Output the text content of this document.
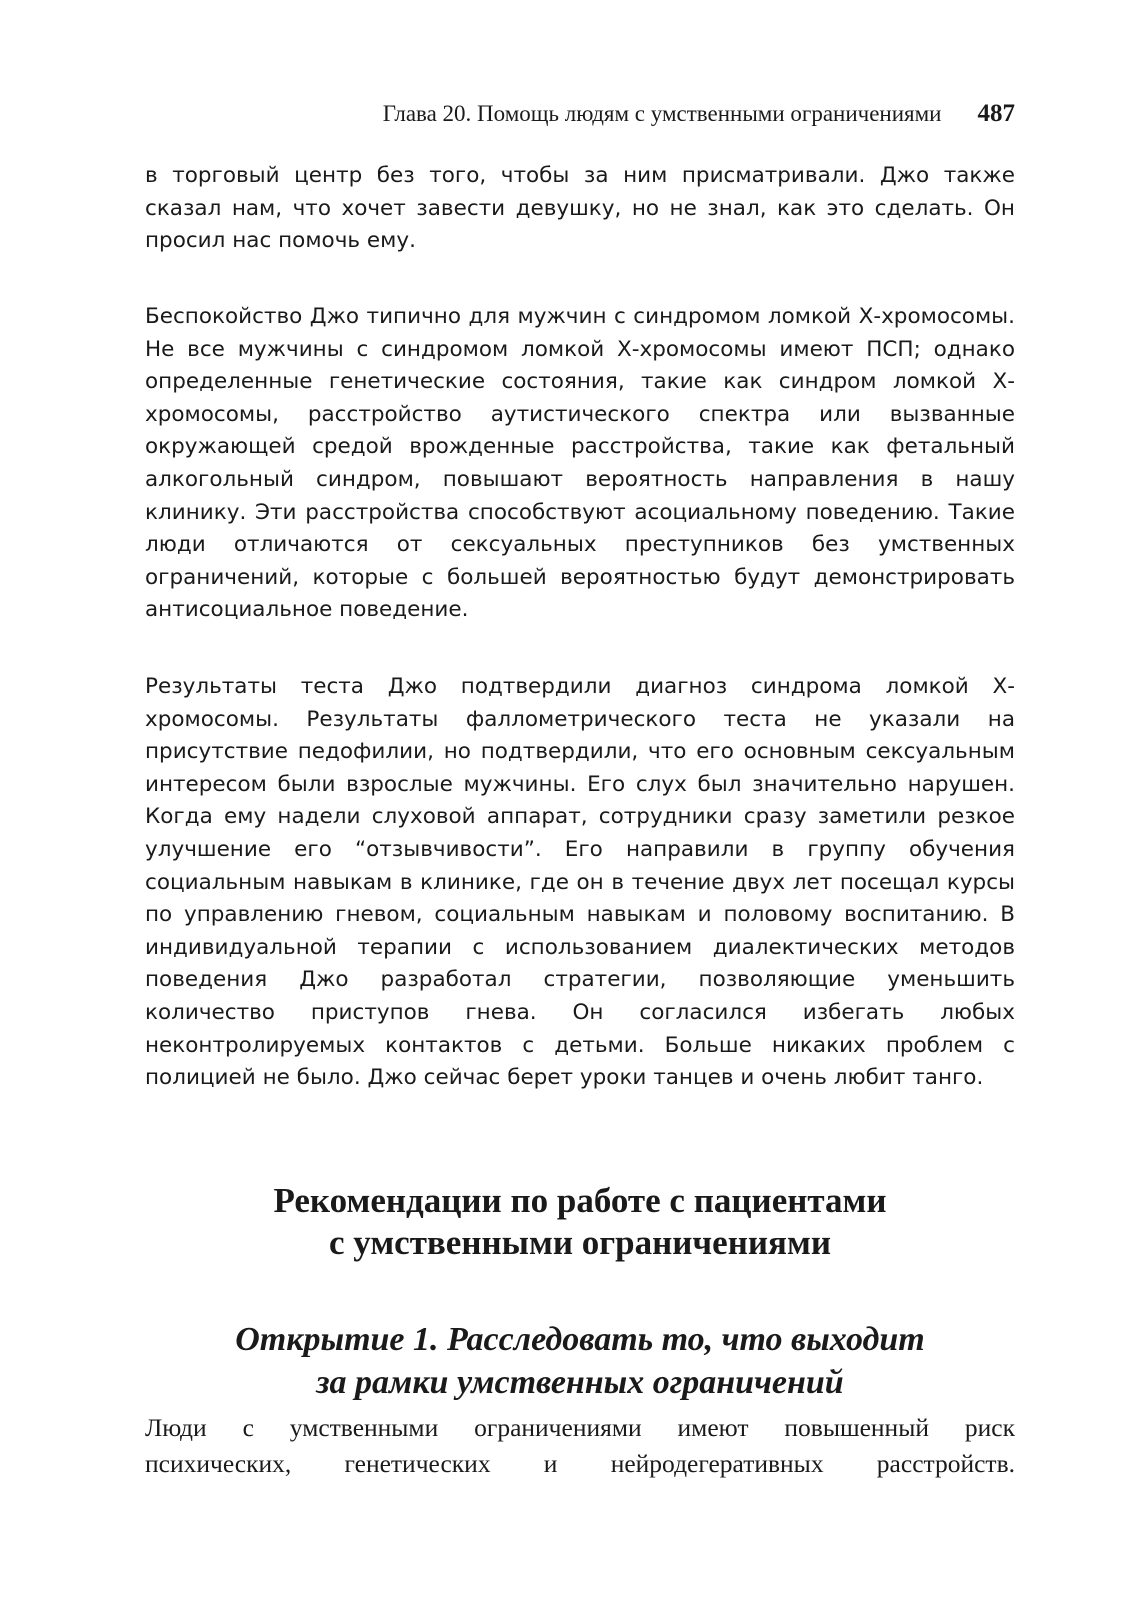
Глава 20. Помощь людям с умственными ограничениями 487

в торговый центр без того, чтобы за ним присматривали. Джо также сказал нам, что хочет завести девушку, но не знал, как это сделать. Он просил нас помочь ему.

Беспокойство Джо типично для мужчин с синдромом ломкой Х-хромосомы. Не все мужчины с синдромом ломкой Х-хромосомы имеют ПСП; однако определенные генетические состояния, такие как синдром ломкой Х-хромосомы, расстройство аутистического спектра или вызванные окружающей средой врожденные расстройства, такие как фетальный алкогольный синдром, повышают вероятность направления в нашу клинику. Эти расстройства способствуют асоциальному поведению. Такие люди отличаются от сексуальных преступников без умственных ограничений, которые с большей вероятностью будут демонстрировать антисоциальное поведение.

Результаты теста Джо подтвердили диагноз синдрома ломкой Х-хромосомы. Результаты фаллометрического теста не указали на присутствие педофилии, но подтвердили, что его основным сексуальным интересом были взрослые мужчины. Его слух был значительно нарушен. Когда ему надели слуховой аппарат, сотрудники сразу заметили резкое улучшение его “отзывчивости”. Его направили в группу обучения социальным навыкам в клинике, где он в течение двух лет посещал курсы по управлению гневом, социальным навыкам и половому воспитанию. В индивидуальной терапии с использованием диалектических методов поведения Джо разработал стратегии, позволяющие уменьшить количество приступов гнева. Он согласился избегать любых неконтролируемых контактов с детьми. Больше никаких проблем с полицией не было. Джо сейчас берет уроки танцев и очень любит танго.

Рекомендации по работе с пациентами
с умственными ограничениями
Открытие 1. Расследовать то, что выходит
за рамки умственных ограничений

Люди с умственными ограничениями имеют повышенный риск

психических, генетических и нейродегеративных расстройств.
